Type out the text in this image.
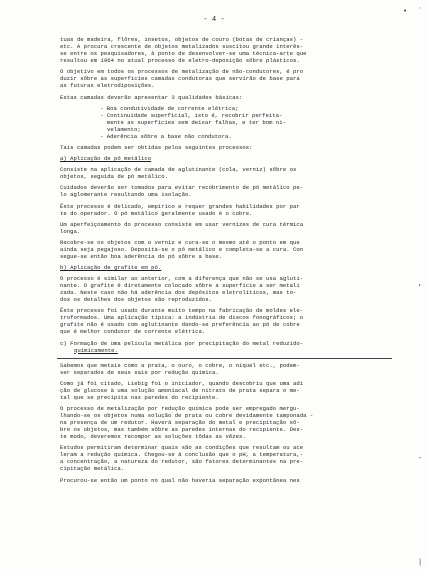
- 4 -
• `
,
-
|

tuas de madeira, flôres, insetos, objetos de couro (botas de crianças) -
etc. A procura crescente de objetos metalizados suscitou grande interês-
se entre os pesquisadores, à ponto de desenvolver-se uma técnica-arte que
resultou em 1964 no atual processo de eletro-deposição sôbre plásticos.

O objetivo em todos os processos de metalização de não-condutores, é pro
duzir sôbre as superfícies camadas condutoras que servirão de base para
as futuras eletrodiposições.

Estas camadas deverão apresentar 3 qualidades básicas:

- Boa condutividade de corrente elétrica;
- Continuidade superficial, isto é, recobrir perfeita-
mente as superfícies sem deixar falhas, e ter bom ni-
velamento;
- Aderência sôbre a base não condutora.

Tais camadas podem ser obtidas pelos seguintes processos:

a) Aplicação de pó metálico

Consiste na aplicação de camada de aglutinante (cola, verniz) sôbre os
objetos, seguida de pó metálico.

Cuidados deverão ser tomados para evitar recobrimento de pó metálico pe-
lo aglomerante resultando uma isolação.

Êste processo é delicado, empírico e requer grandes habilidades por par
te do operador. O pó metálico geralmente usado é o cobre.

Um aperfeiçoamento do processo consiste em usar vernizes de cura térmica
longa.

Recobre-se os objetos com o verniz e cura-se o mesmo até o ponto em que
ainda seja pegajoso. Deposita-se o pó metálico e completa-se a cura. Con
segue-se então boa aderência do pó sôbre a base.

b) Aplicação de grafite em pó.

O processo é similar ao anterior, com a diferença que não se usa agluti-
nante. O grafite é diretamente colocado sôbre a superfície a ser metali
zada. Neste caso não há aderência dos depósitos eletrolíticos, mas to-
dos os detalhes dos objetos são reproduzidos.

Êste processo foi usado durante muito tempo na fabricação de moldes ele-
troformados. Uma aplicação típica: a indústria de discos fonográficos; o
grafite não é usado com aglutinante dando-se preferência ao pó de cobre
que é melhor condutor de corrente elétrica.

c) Formação de uma película metálica por precipitação do metal reduzido-
quimicamente.

Sabemos que metais como a prata, o ouro, o cobre, o níquel etc., podem-
ser separados de seus sais por redução química.

Como já foi citado, Liebig foi o iniciador, quando descobriu que uma adi
ção de glucose à uma solução amoniacal de nitrato de prata separa o me-
tal que se precipita nas paredes do recipiente.

O processo de metalização por redução química pode ser empregado mergu-
lhando-se os objetos numa solução de prata ou cobre devidamente tamponada -
na presença de um redutor. Haverá separação do metal e precipitação sô-
bre os objetos, mas também sôbre as paredes internas do recipiente. Des-
te modo, deveremos recompor as soluções tôdas as vêzes.

Estudos permitiram determinar quais são as condições que resultam ou ace
leram a redução química. Chegou-se à conclusão que o pH, a temperatura,-
a concentração, a natureza do redutor, são fatores determinantes na pre-
cipitação metálica.

Procurou-se então um ponto no qual não haveria separação expontânea nes
